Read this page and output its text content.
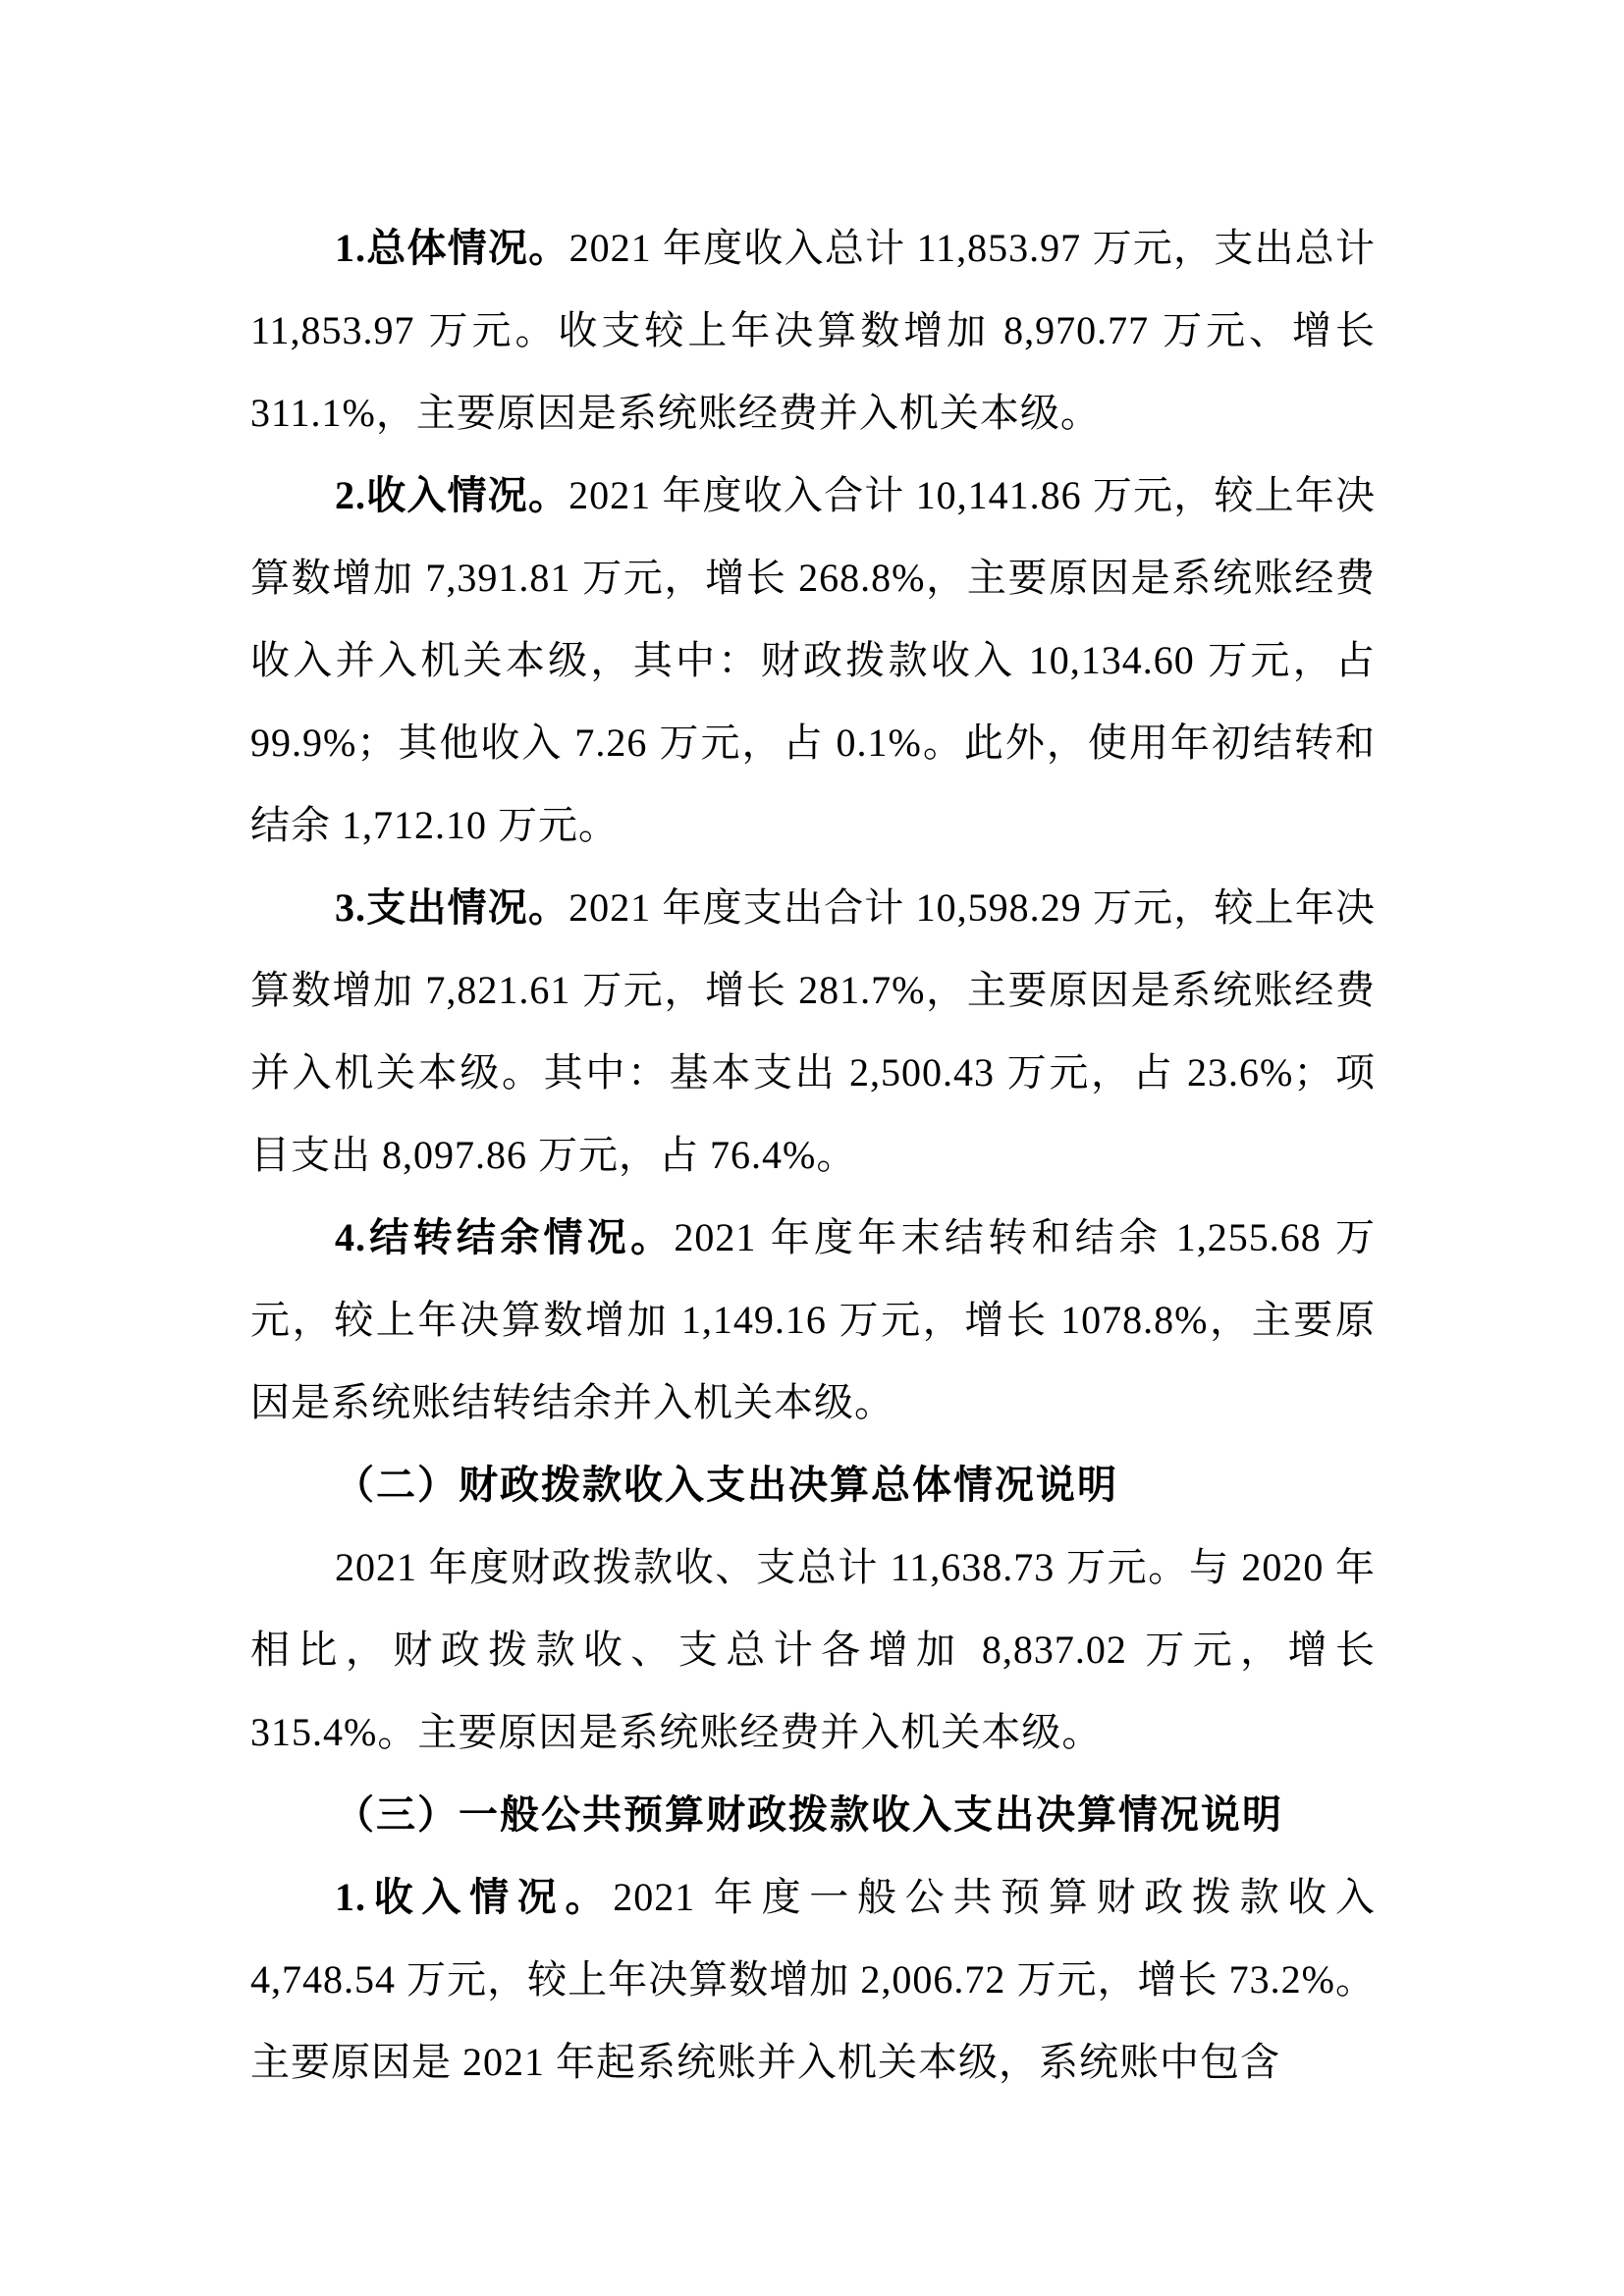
1.总体情况。2021 年度收入总计 11,853.97 万元，支出总计 11,853.97 万元。收支较上年决算数增加 8,970.77 万元、增长 311.1%，主要原因是系统账经费并入机关本级。

2.收入情况。2021 年度收入合计 10,141.86 万元，较上年决算数增加 7,391.81 万元，增长 268.8%，主要原因是系统账经费收入并入机关本级，其中：财政拨款收入 10,134.60 万元，占 99.9%；其他收入 7.26 万元，占 0.1%。此外，使用年初结转和结余 1,712.10 万元。

3.支出情况。2021 年度支出合计 10,598.29 万元，较上年决算数增加 7,821.61 万元，增长 281.7%，主要原因是系统账经费并入机关本级。其中：基本支出 2,500.43 万元，占 23.6%；项目支出 8,097.86 万元，占 76.4%。

4.结转结余情况。2021 年度年末结转和结余 1,255.68 万元，较上年决算数增加 1,149.16 万元，增长 1078.8%，主要原因是系统账结转结余并入机关本级。

（二）财政拨款收入支出决算总体情况说明

2021 年度财政拨款收、支总计 11,638.73 万元。与 2020 年相比，财政拨款收、支总计各增加 8,837.02 万元，增长 315.4%。主要原因是系统账经费并入机关本级。

（三）一般公共预算财政拨款收入支出决算情况说明

1.收入情况。2021 年度一般公共预算财政拨款收入 4,748.54 万元，较上年决算数增加 2,006.72 万元，增长 73.2%。主要原因是 2021 年起系统账并入机关本级，系统账中包含
